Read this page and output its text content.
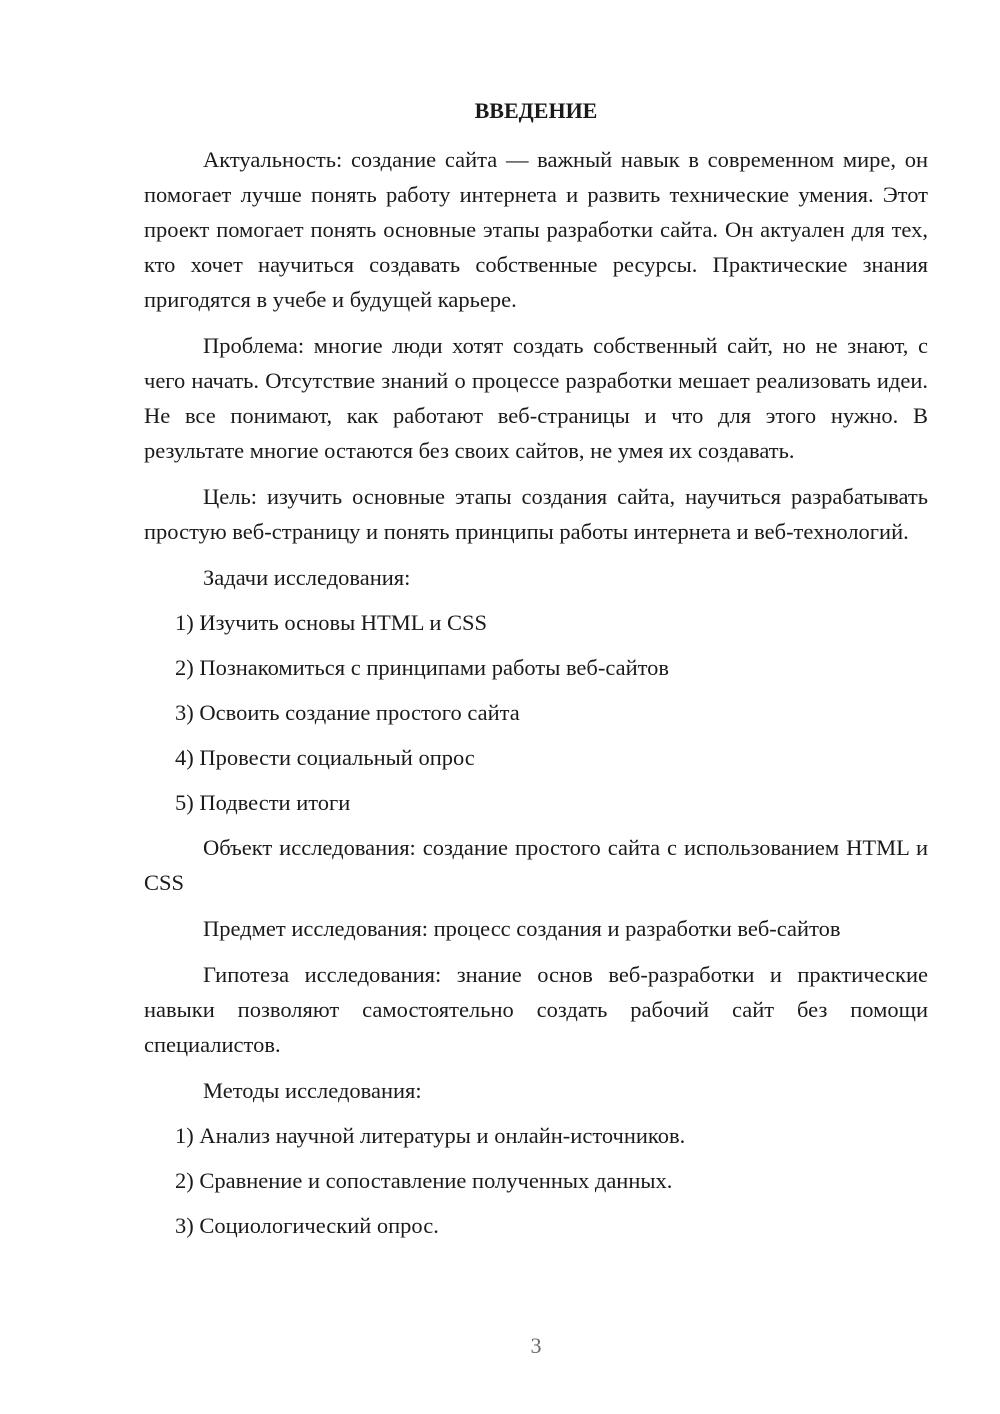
ВВЕДЕНИЕ

Актуальность: создание сайта — важный навык в современном мире, он помогает лучше понять работу интернета и развить технические умения. Этот проект помогает понять основные этапы разработки сайта. Он актуален для тех, кто хочет научиться создавать собственные ресурсы. Практические знания пригодятся в учебе и будущей карьере.

Проблема: многие люди хотят создать собственный сайт, но не знают, с чего начать. Отсутствие знаний о процессе разработки мешает реализовать идеи. Не все понимают, как работают веб-страницы и что для этого нужно. В результате многие остаются без своих сайтов, не умея их создавать.

Цель: изучить основные этапы создания сайта, научиться разрабатывать простую веб-страницу и понять принципы работы интернета и веб-технологий.

Задачи исследования:
1) Изучить основы HTML и CSS
2) Познакомиться с принципами работы веб-сайтов
3) Освоить создание простого сайта
4) Провести социальный опрос
5) Подвести итоги

Объект исследования: создание простого сайта с использованием HTML и CSS

Предмет исследования: процесс создания и разработки веб-сайтов

Гипотеза исследования: знание основ веб-разработки и практические навыки позволяют самостоятельно создать рабочий сайт без помощи специалистов.

Методы исследования:
1) Анализ научной литературы и онлайн-источников.
2) Сравнение и сопоставление полученных данных.
3) Социологический опрос.
3
